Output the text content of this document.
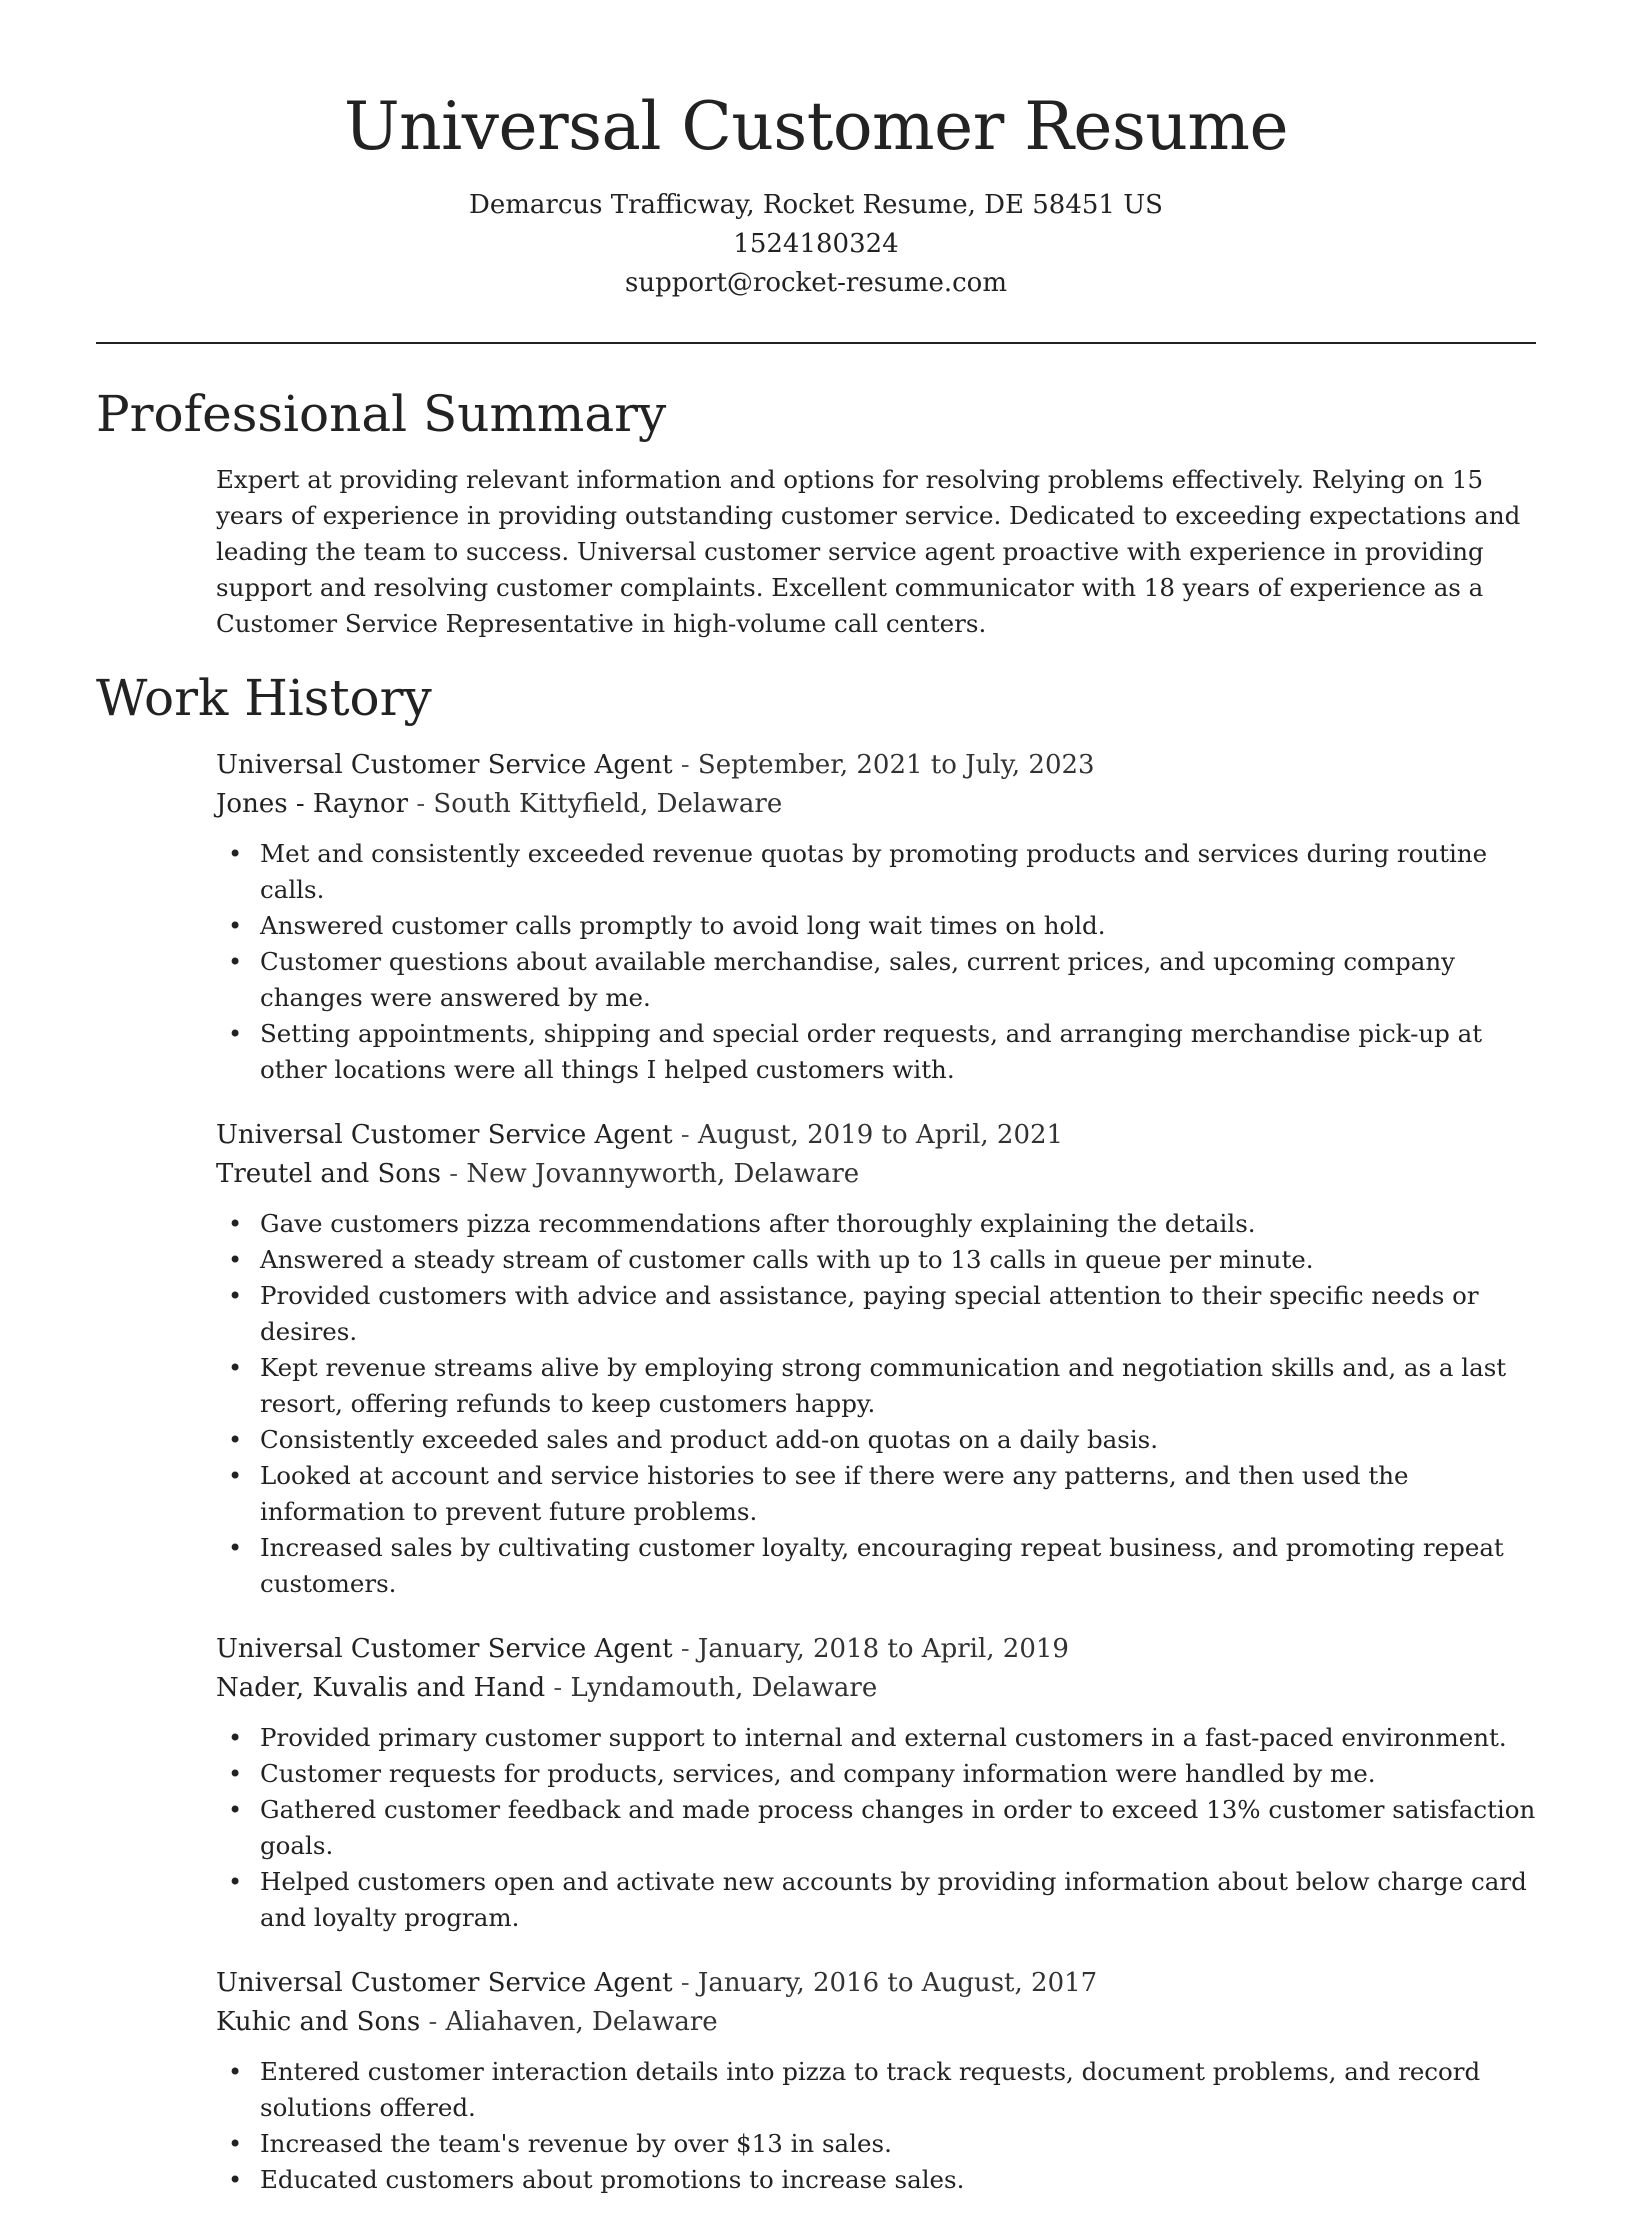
Universal Customer Resume
Demarcus Trafficway, Rocket Resume, DE 58451 US
1524180324
support@rocket-resume.com
Professional Summary

Expert at providing relevant information and options for resolving problems effectively. Relying on 15 years of experience in providing outstanding customer service. Dedicated to exceeding expectations and leading the team to success. Universal customer service agent proactive with experience in providing support and resolving customer complaints. Excellent communicator with 18 years of experience as a Customer Service Representative in high-volume call centers.

Work History
Universal Customer Service Agent - September, 2021 to July, 2023
Jones - Raynor - South Kittyfield, Delaware
• Met and consistently exceeded revenue quotas by promoting products and services during routine calls.
• Answered customer calls promptly to avoid long wait times on hold.
• Customer questions about available merchandise, sales, current prices, and upcoming company changes were answered by me.
• Setting appointments, shipping and special order requests, and arranging merchandise pick-up at other locations were all things I helped customers with.
Universal Customer Service Agent - August, 2019 to April, 2021
Treutel and Sons - New Jovannyworth, Delaware
• Gave customers pizza recommendations after thoroughly explaining the details.
• Answered a steady stream of customer calls with up to 13 calls in queue per minute.
• Provided customers with advice and assistance, paying special attention to their specific needs or desires.
• Kept revenue streams alive by employing strong communication and negotiation skills and, as a last resort, offering refunds to keep customers happy.
• Consistently exceeded sales and product add-on quotas on a daily basis.
• Looked at account and service histories to see if there were any patterns, and then used the information to prevent future problems.
• Increased sales by cultivating customer loyalty, encouraging repeat business, and promoting repeat customers.
Universal Customer Service Agent - January, 2018 to April, 2019
Nader, Kuvalis and Hand - Lyndamouth, Delaware
• Provided primary customer support to internal and external customers in a fast-paced environment.
• Customer requests for products, services, and company information were handled by me.
• Gathered customer feedback and made process changes in order to exceed 13% customer satisfaction goals.
• Helped customers open and activate new accounts by providing information about below charge card and loyalty program.
Universal Customer Service Agent - January, 2016 to August, 2017
Kuhic and Sons - Aliahaven, Delaware
• Entered customer interaction details into pizza to track requests, document problems, and record solutions offered.
• Increased the team's revenue by over $13 in sales.
• Educated customers about promotions to increase sales.
